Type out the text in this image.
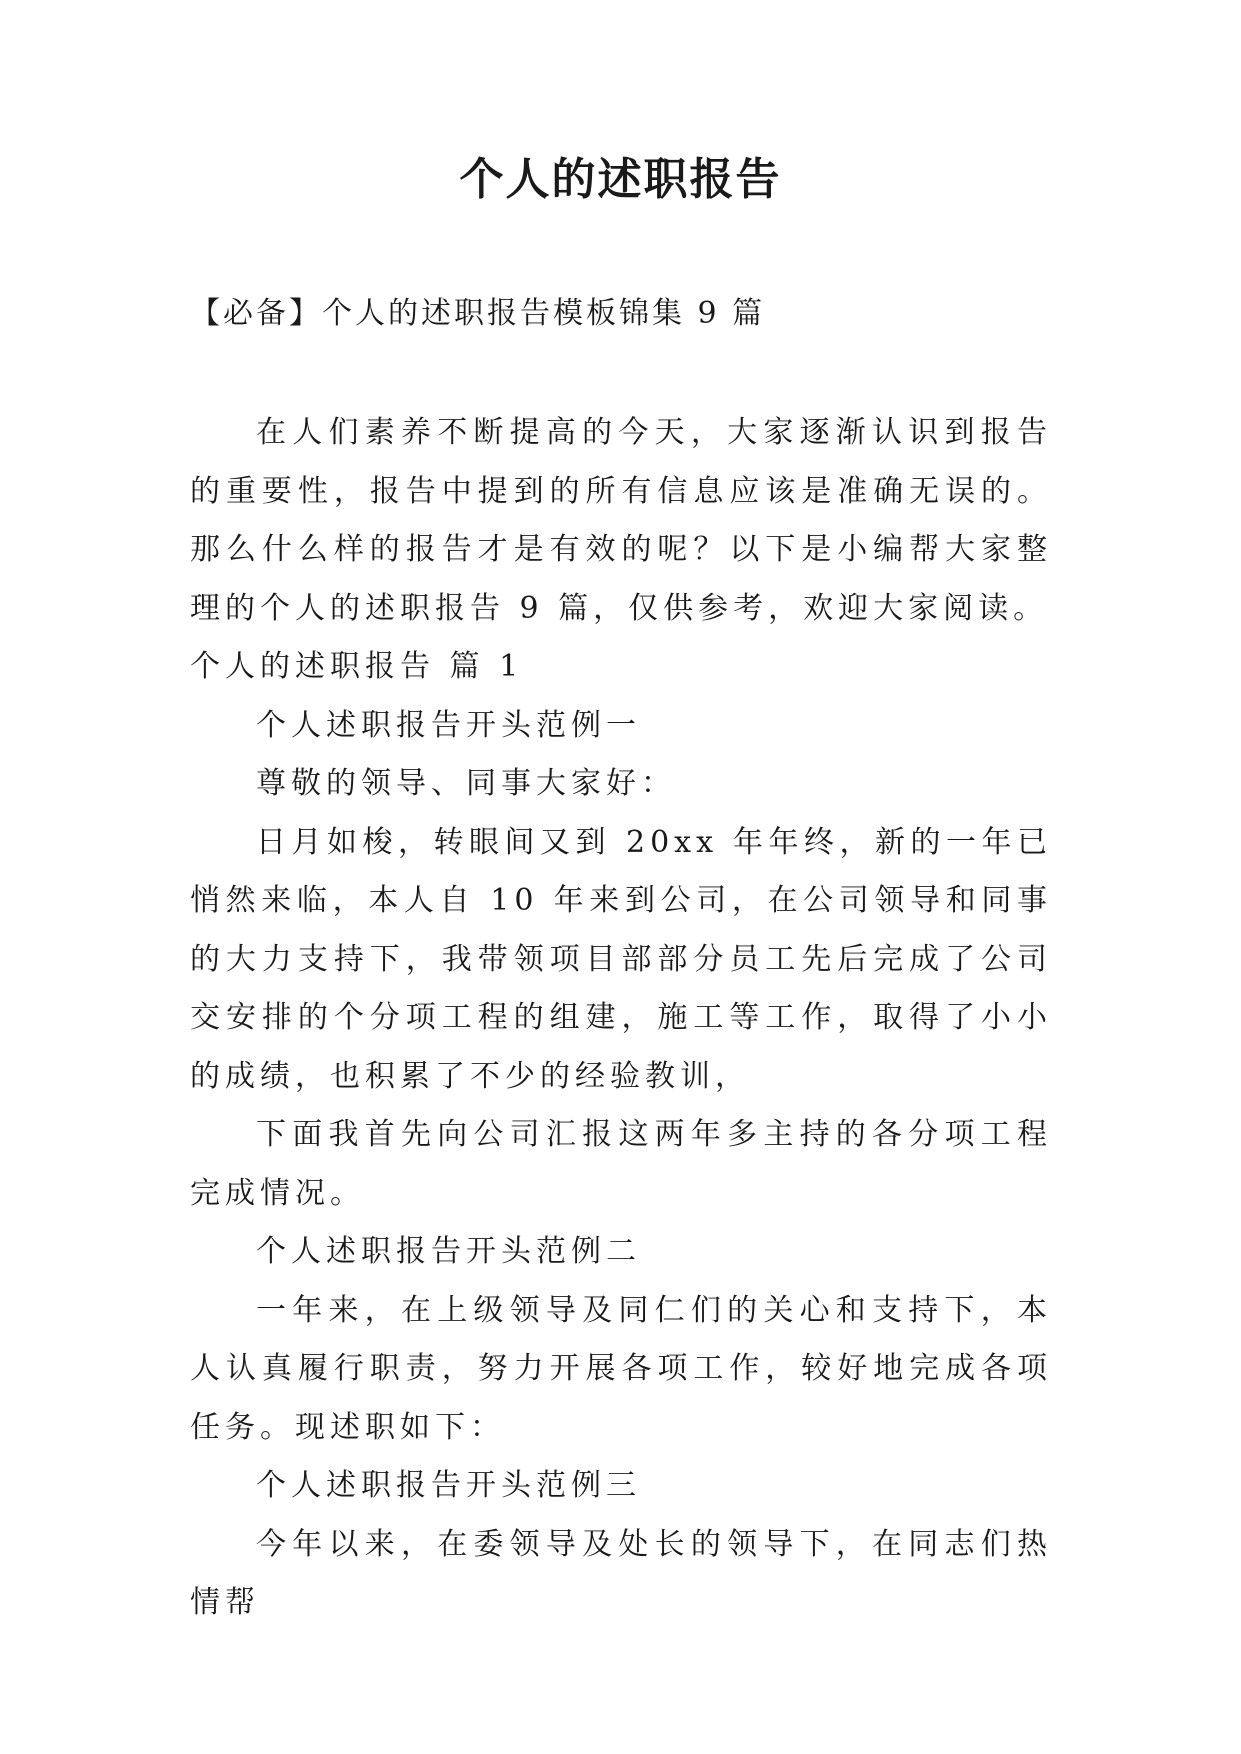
个人的述职报告

【必备】个人的述职报告模板锦集 9 篇

在人们素养不断提高的今天，大家逐渐认识到报告的重要性，报告中提到的所有信息应该是准确无误的。那么什么样的报告才是有效的呢？以下是小编帮大家整理的个人的述职报告 9 篇，仅供参考，欢迎大家阅读。

个人的述职报告 篇 1

个人述职报告开头范例一

尊敬的领导、同事大家好：

日月如梭，转眼间又到 20xx 年年终，新的一年已悄然来临，本人自 10 年来到公司，在公司领导和同事的大力支持下，我带领项目部部分员工先后完成了公司交安排的个分项工程的组建，施工等工作，取得了小小的成绩，也积累了不少的经验教训，

下面我首先向公司汇报这两年多主持的各分项工程完成情况。

个人述职报告开头范例二

一年来，在上级领导及同仁们的关心和支持下，本人认真履行职责，努力开展各项工作，较好地完成各项任务。现述职如下：

个人述职报告开头范例三

今年以来，在委领导及处长的领导下，在同志们热情帮
